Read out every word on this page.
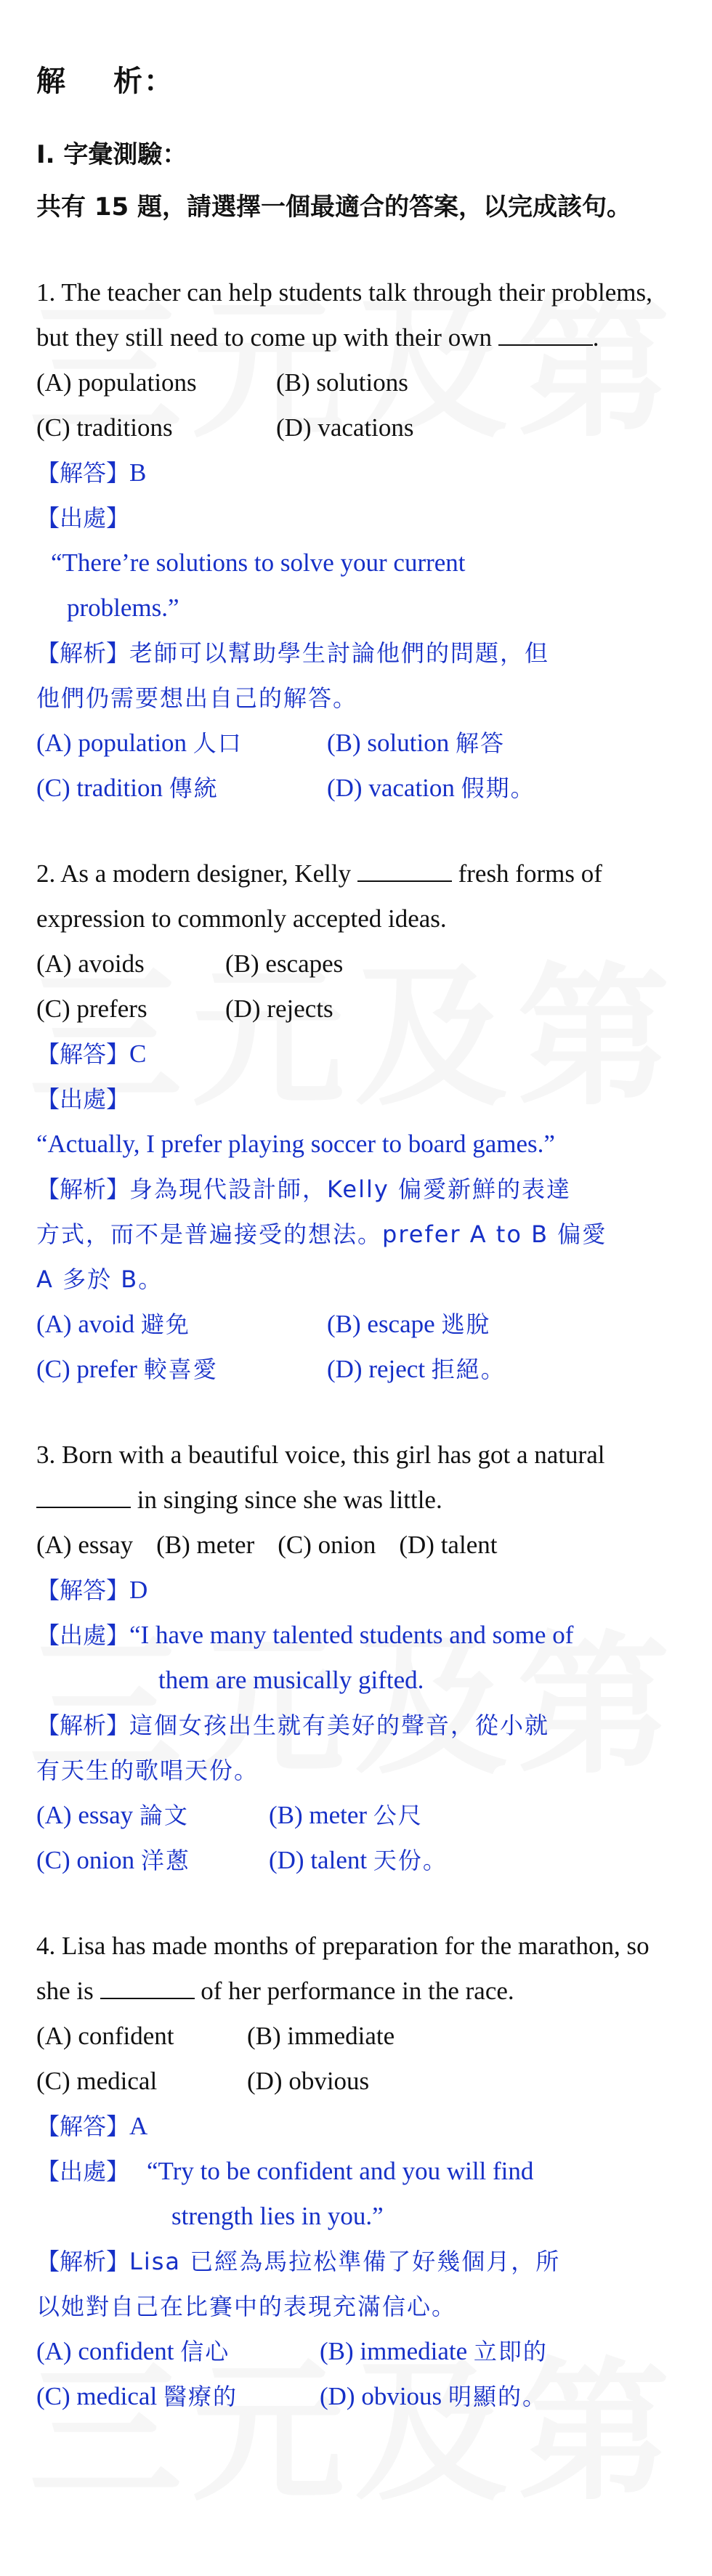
解 析：
Ⅰ. 字彙測驗：
共有 15 題，請選擇一個最適合的答案，以完成該句。
1. The teacher can help students talk through their problems, but they still need to come up with their own	.
(A) populations	(B) solutions
(C) traditions	(D) vacations
【解答】B
【出處】
“There’re solutions to solve your current
problems.”
【解析】老師可以幫助學生討論他們的問題，但
他們仍需要想出自己的解答。
(A) population 人口	(B) solution 解答
(C) tradition 傳統	(D) vacation 假期。
2. As a modern designer, Kelly	fresh forms of expression to commonly accepted ideas.
(A) avoids	(B) escapes
(C) prefers	(D) rejects
【解答】C
【出處】
“Actually, I prefer playing soccer to board games.”
【解析】身為現代設計師，Kelly 偏愛新鮮的表達
方式，而不是普遍接受的想法。prefer A to B 偏愛
A 多於 B。
(A) avoid 避免	(B) escape 逃脫
(C) prefer 較喜愛	(D) reject 拒絕。
3. Born with a beautiful voice, this girl has got a natural  in singing since she was little.
(A) essay (B) meter (C) onion (D) talent
【解答】D
【出處】“I have many talented students and some of
them are musically gifted.
【解析】這個女孩出生就有美好的聲音，從小就
有天生的歌唱天份。
(A) essay 論文	(B) meter 公尺
(C) onion 洋蔥	(D) talent 天份。
4. Lisa has made months of preparation for the marathon, so she is	of her performance in the race.
(A) confident	(B) immediate
(C) medical	(D) obvious
【解答】A
【出處】 “Try to be confident and you will find
strength lies in you.”
【解析】Lisa 已經為馬拉松準備了好幾個月，所
以她對自己在比賽中的表現充滿信心。
(A) confident 信心	(B) immediate 立即的
(C) medical 醫療的	(D) obvious 明顯的。
